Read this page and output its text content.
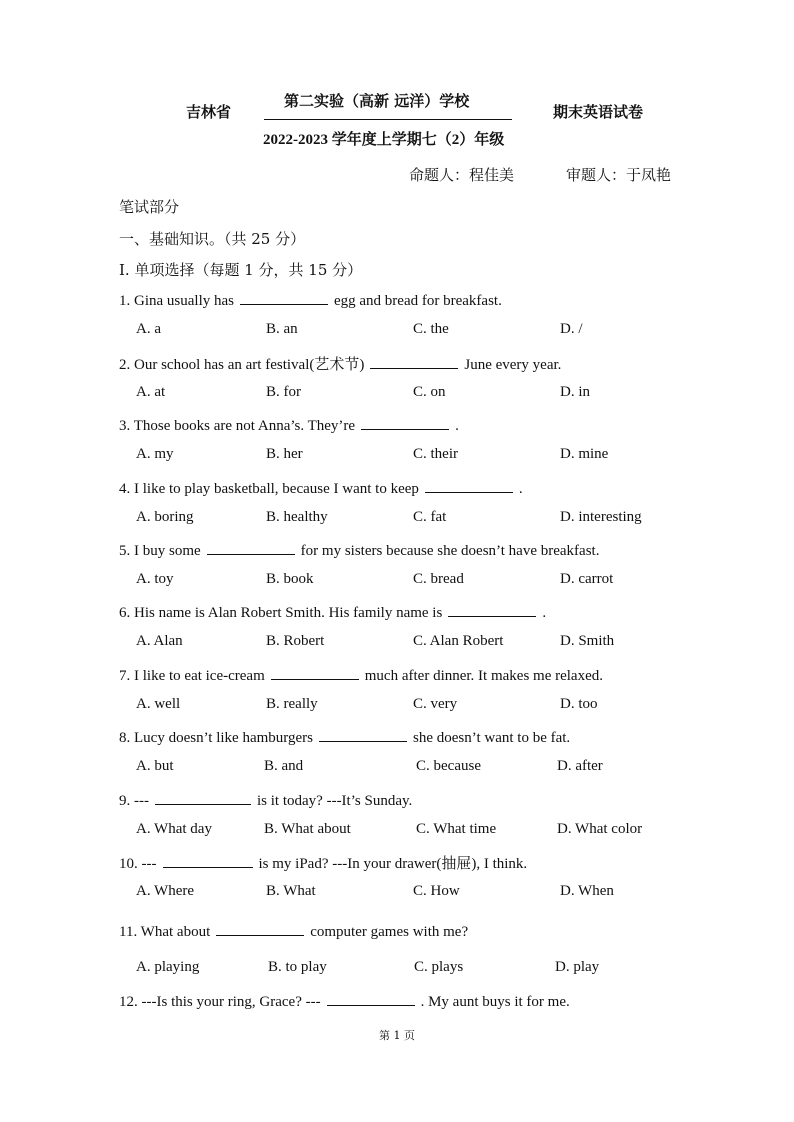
吉林省
第二实验（高新 远洋）学校
期末英语试卷
2022-2023 学年度上学期七（2）年级
命题人：程佳美	审题人：于凤艳
笔试部分
一、基础知识。（共 25 分）
I. 单项选择（每题 1 分，共 15 分）
1. Gina usually has	egg and bread for breakfast.
A. a	B. an	C. the	D. /
2. Our school has an art festival(艺术节)	June every year.
A. at	B. for	C. on	D. in
3. Those books are not Anna’s. They’re	.
A. my	B. her	C. their	D. mine
4. I like to play basketball, because I want to keep	.
A. boring	B. healthy	C. fat	D. interesting
5. I buy some	for my sisters because she doesn’t have breakfast.
A. toy	B. book	C. bread	D. carrot
6. His name is Alan Robert Smith. His family name is	.
A. Alan	B. Robert	C. Alan Robert	D. Smith
7. I like to eat ice-cream	much after dinner. It makes me relaxed.
A. well	B. really	C. very	D. too
8. Lucy doesn’t like hamburgers	she doesn’t want to be fat.
A. but	B. and	C. because	D. after
9. ---	is it today? ---It’s Sunday.
A. What day	B. What about	C. What time	D. What color
10. ---	is my iPad? ---In your drawer(抽屉), I think.
A. Where	B. What	C. How	D. When
11. What about	computer games with me?
A. playing	B. to play	C. plays	D. play
12. ---Is this your ring, Grace? ---	. My aunt buys it for me.
第 1 页
